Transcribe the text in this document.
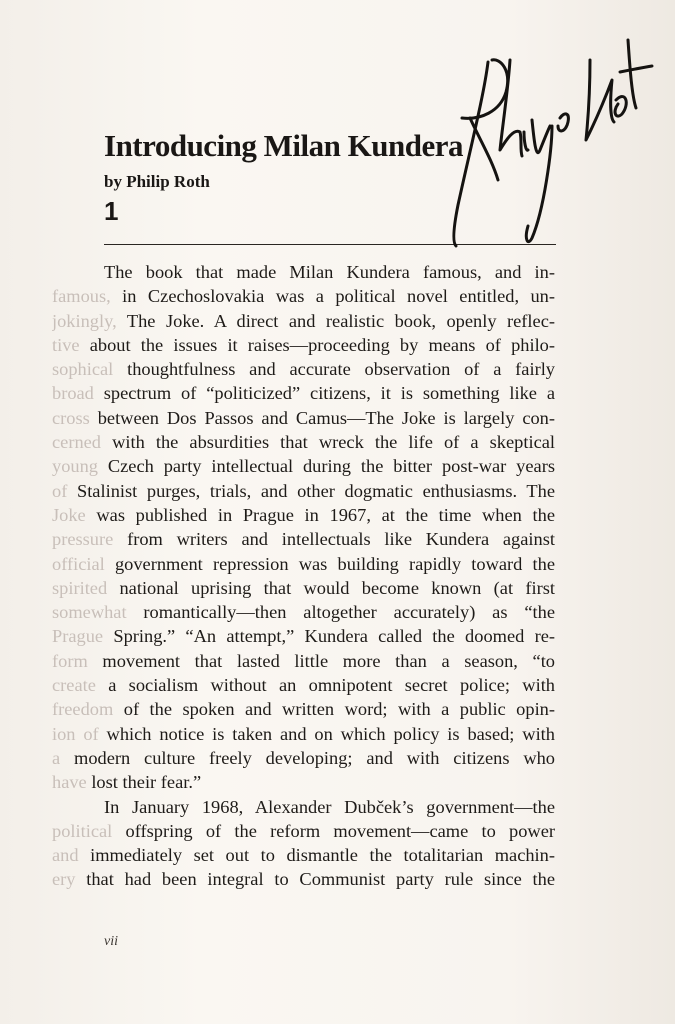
Introducing Milan Kundera
by Philip Roth
1
The book that made Milan Kundera famous, and in-
famous, in Czechoslovakia was a political novel entitled, un-
jokingly, The Joke. A direct and realistic book, openly reflec-
tive about the issues it raises—proceeding by means of philo-
sophical thoughtfulness and accurate observation of a fairly
broad spectrum of “politicized” citizens, it is something like a
cross between Dos Passos and Camus—The Joke is largely con-
cerned with the absurdities that wreck the life of a skeptical
young Czech party intellectual during the bitter post-war years
of Stalinist purges, trials, and other dogmatic enthusiasms. The
Joke was published in Prague in 1967, at the time when the
pressure from writers and intellectuals like Kundera against
official government repression was building rapidly toward the
spirited national uprising that would become known (at first
somewhat romantically—then altogether accurately) as “the
Prague Spring.” “An attempt,” Kundera called the doomed re-
form movement that lasted little more than a season, “to
create a socialism without an omnipotent secret police; with
freedom of the spoken and written word; with a public opin-
ion of which notice is taken and on which policy is based; with
a modern culture freely developing; and with citizens who
have lost their fear.”
In January 1968, Alexander Dubček’s government—the
political offspring of the reform movement—came to power
and immediately set out to dismantle the totalitarian machin-
ery that had been integral to Communist party rule since the
vii
